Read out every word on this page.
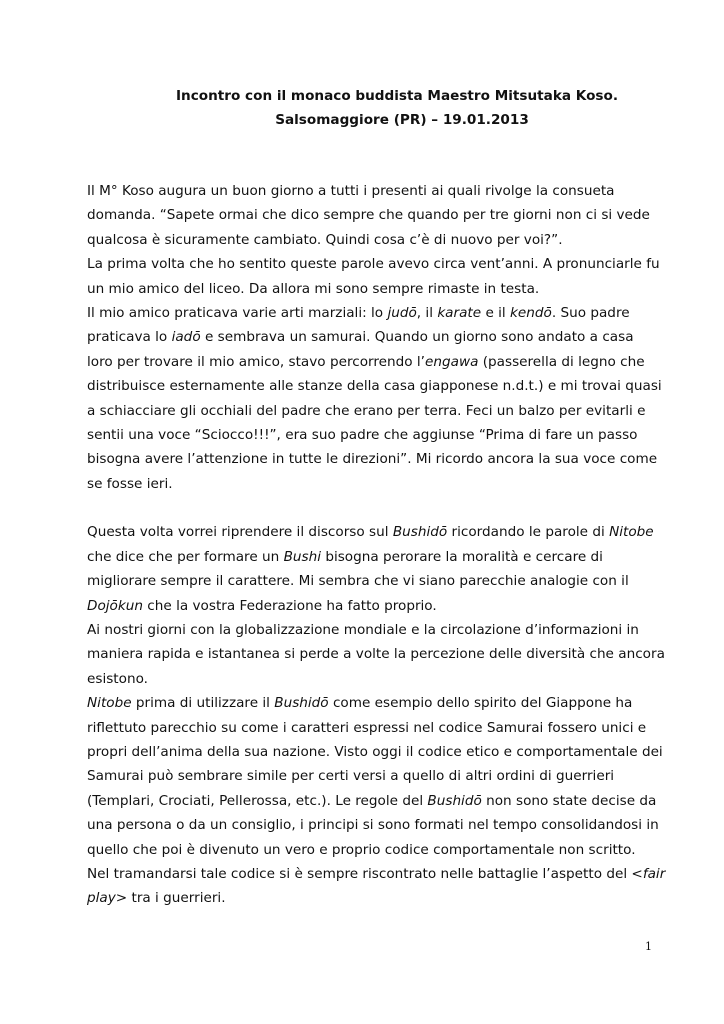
Incontro con il monaco buddista Maestro Mitsutaka Koso.
Salsomaggiore (PR) – 19.01.2013
Il M° Koso augura un buon giorno a tutti i presenti ai quali rivolge la consueta
domanda. “Sapete ormai che dico sempre che quando per tre giorni non ci si vede
qualcosa è sicuramente cambiato. Quindi cosa c’è di nuovo per voi?”.
La prima volta che ho sentito queste parole avevo circa vent’anni. A pronunciarle fu
un mio amico del liceo. Da allora mi sono sempre rimaste in testa.
Il mio amico praticava varie arti marziali: lo judō, il karate e il kendō. Suo padre
praticava lo iadō e sembrava un samurai. Quando un giorno sono andato a casa
loro per trovare il mio amico, stavo percorrendo l’engawa (passerella di legno che
distribuisce esternamente alle stanze della casa giapponese n.d.t.) e mi trovai quasi
a schiacciare gli occhiali del padre che erano per terra. Feci un balzo per evitarli e
sentii una voce “Sciocco!!!”, era suo padre che aggiunse “Prima di fare un passo
bisogna avere l’attenzione in tutte le direzioni”. Mi ricordo ancora la sua voce come
se fosse ieri.
Questa volta vorrei riprendere il discorso sul Bushidō ricordando le parole di Nitobe
che dice che per formare un Bushi bisogna perorare la moralità e cercare di
migliorare sempre il carattere. Mi sembra che vi siano parecchie analogie con il
Dojōkun che la vostra Federazione ha fatto proprio.
Ai nostri giorni con la globalizzazione mondiale e la circolazione d’informazioni in
maniera rapida e istantanea si perde a volte la percezione delle diversità che ancora
esistono.
Nitobe prima di utilizzare il Bushidō come esempio dello spirito del Giappone ha
riflettuto parecchio su come i caratteri espressi nel codice Samurai fossero unici e
propri dell’anima della sua nazione. Visto oggi il codice etico e comportamentale dei
Samurai può sembrare simile per certi versi a quello di altri ordini di guerrieri
(Templari, Crociati, Pellerossa, etc.). Le regole del Bushidō non sono state decise da
una persona o da un consiglio, i principi si sono formati nel tempo consolidandosi in
quello che poi è divenuto un vero e proprio codice comportamentale non scritto.
Nel tramandarsi tale codice si è sempre riscontrato nelle battaglie l’aspetto del <fair
play> tra i guerrieri.
1
